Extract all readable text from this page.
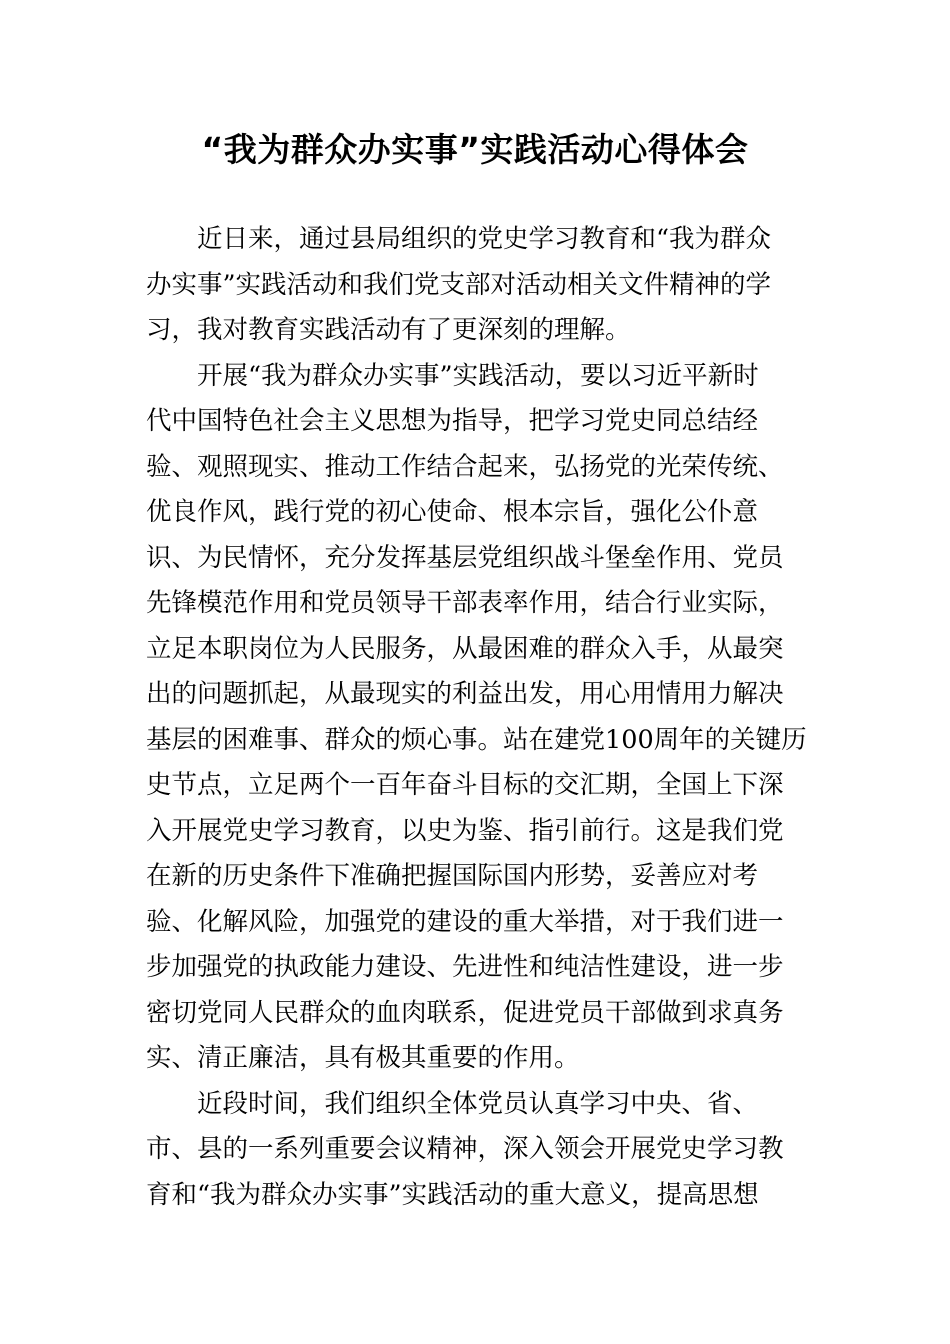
“我为群众办实事”实践活动心得体会
近日来，通过县局组织的党史学习教育和“我为群众
办实事”实践活动和我们党支部对活动相关文件精神的学
习，我对教育实践活动有了更深刻的理解。
开展“我为群众办实事”实践活动，要以习近平新时
代中国特色社会主义思想为指导，把学习党史同总结经
验、观照现实、推动工作结合起来，弘扬党的光荣传统、
优良作风，践行党的初心使命、根本宗旨，强化公仆意
识、为民情怀，充分发挥基层党组织战斗堡垒作用、党员
先锋模范作用和党员领导干部表率作用，结合行业实际，
立足本职岗位为人民服务，从最困难的群众入手，从最突
出的问题抓起，从最现实的利益出发，用心用情用力解决
基层的困难事、群众的烦心事。站在建党100周年的关键历
史节点，立足两个一百年奋斗目标的交汇期，全国上下深
入开展党史学习教育，以史为鉴、指引前行。这是我们党
在新的历史条件下准确把握国际国内形势，妥善应对考
验、化解风险，加强党的建设的重大举措，对于我们进一
步加强党的执政能力建设、先进性和纯洁性建设，进一步
密切党同人民群众的血肉联系，促进党员干部做到求真务
实、清正廉洁，具有极其重要的作用。
近段时间，我们组织全体党员认真学习中央、省、
市、县的一系列重要会议精神，深入领会开展党史学习教
育和“我为群众办实事”实践活动的重大意义，提高思想
